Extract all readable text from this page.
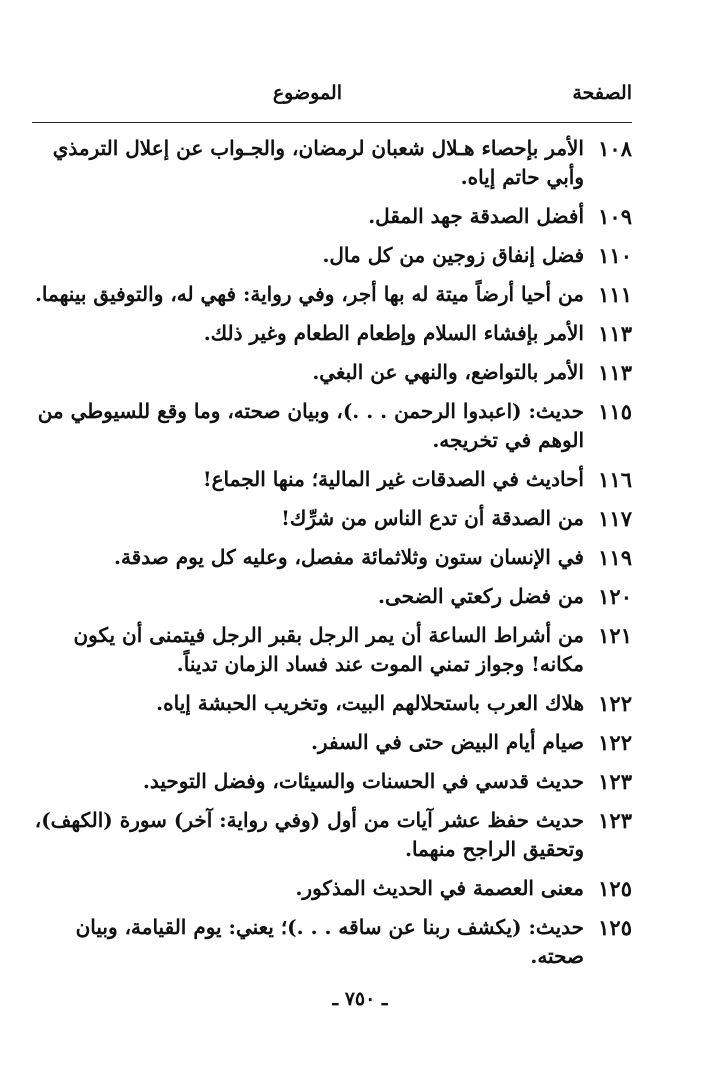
الصفحة
الموضوع
١٠٨
الأمر بإحصاء هـلال شعبان لرمضان، والجـواب عن إعلال الترمذي وأبي حاتم إياه.
١٠٩
أفضل الصدقة جهد المقل.
١١٠
فضل إنفاق زوجين من كل مال.
١١١
من أحيا أرضاً ميتة له بها أجر، وفي رواية: فهي له، والتوفيق بينهما.
١١٣
الأمر بإفشاء السلام وإطعام الطعام وغير ذلك.
١١٣
الأمر بالتواضع، والنهي عن البغي.
١١٥
حديث: (اعبدوا الرحمن . . .)، وبيان صحته، وما وقع للسيوطي من الوهم في تخريجه.
١١٦
أحاديث في الصدقات غير المالية؛ منها الجماع!
١١٧
من الصدقة أن تدع الناس من شرِّك!
١١٩
في الإنسان ستون وثلاثمائة مفصل، وعليه كل يوم صدقة.
١٢٠
من فضل ركعتي الضحى.
١٢١
من أشراط الساعة أن يمر الرجل بقبر الرجل فيتمنى أن يكون مكانه! وجواز تمني الموت عند فساد الزمان تديناً.
١٢٢
هلاك العرب باستحلالهم البيت، وتخريب الحبشة إياه.
١٢٢
صيام أيام البيض حتى في السفر.
١٢٣
حديث قدسي في الحسنات والسيئات، وفضل التوحيد.
١٢٣
حديث حفظ عشر آيات من أول (وفي رواية: آخر) سورة (الكهف)، وتحقيق الراجح منهما.
١٢٥
معنى العصمة في الحديث المذكور.
١٢٥
حديث: (يكشف ربنا عن ساقه . . .)؛ يعني: يوم القيامة، وبيان صحته.
ـ ٧٥٠ ـ
